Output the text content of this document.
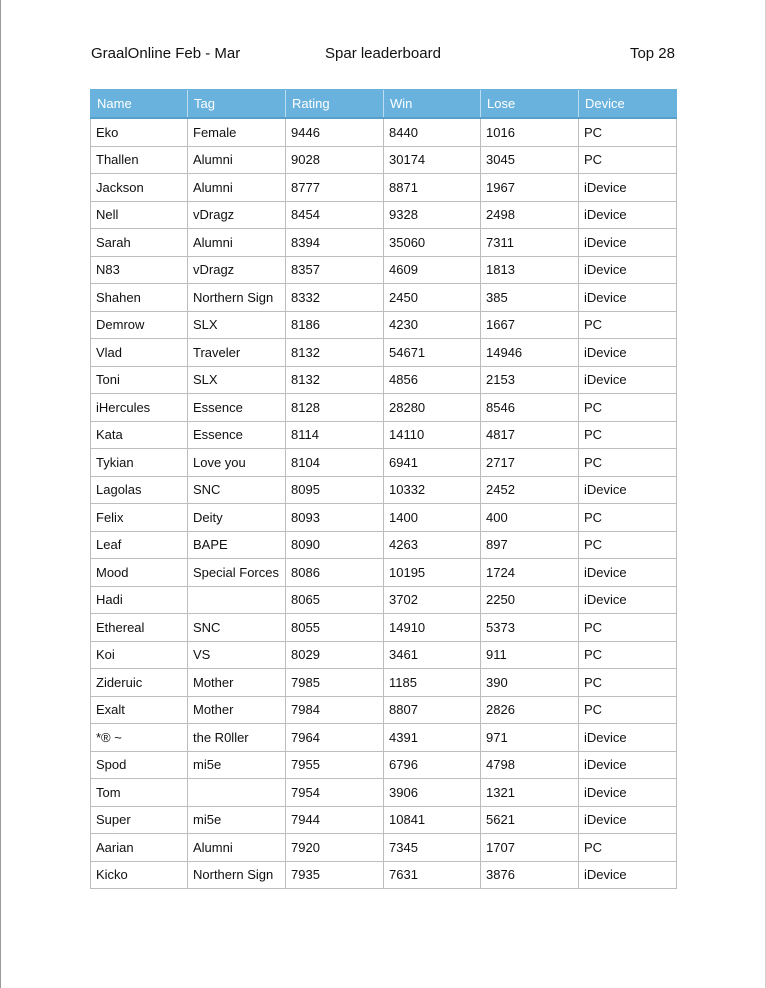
GraalOnline Feb - Mar	Spar leaderboard	Top 28
Name	Tag	Rating	Win	Lose	Device
Eko	Female	9446	8440	1016	PC
Thallen	Alumni	9028	30174	3045	PC
Jackson	Alumni	8777	8871	1967	iDevice
Nell	vDragz	8454	9328	2498	iDevice
Sarah	Alumni	8394	35060	7311	iDevice
N83	vDragz	8357	4609	1813	iDevice
Shahen	Northern Sign	8332	2450	385	iDevice
Demrow	SLX	8186	4230	1667	PC
Vlad	Traveler	8132	54671	14946	iDevice
Toni	SLX	8132	4856	2153	iDevice
iHercules	Essence	8128	28280	8546	PC
Kata	Essence	8114	14110	4817	PC
Tykian	Love you	8104	6941	2717	PC
Lagolas	SNC	8095	10332	2452	iDevice
Felix	Deity	8093	1400	400	PC
Leaf	BAPE	8090	4263	897	PC
Mood	Special Forces	8086	10195	1724	iDevice
Hadi		8065	3702	2250	iDevice
Ethereal	SNC	8055	14910	5373	PC
Koi	VS	8029	3461	911	PC
Zideruic	Mother	7985	1185	390	PC
Exalt	Mother	7984	8807	2826	PC
*® ~	the R0ller	7964	4391	971	iDevice
Spod	mi5e	7955	6796	4798	iDevice
Tom		7954	3906	1321	iDevice
Super	mi5e	7944	10841	5621	iDevice
Aarian	Alumni	7920	7345	1707	PC
Kicko	Northern Sign	7935	7631	3876	iDevice
